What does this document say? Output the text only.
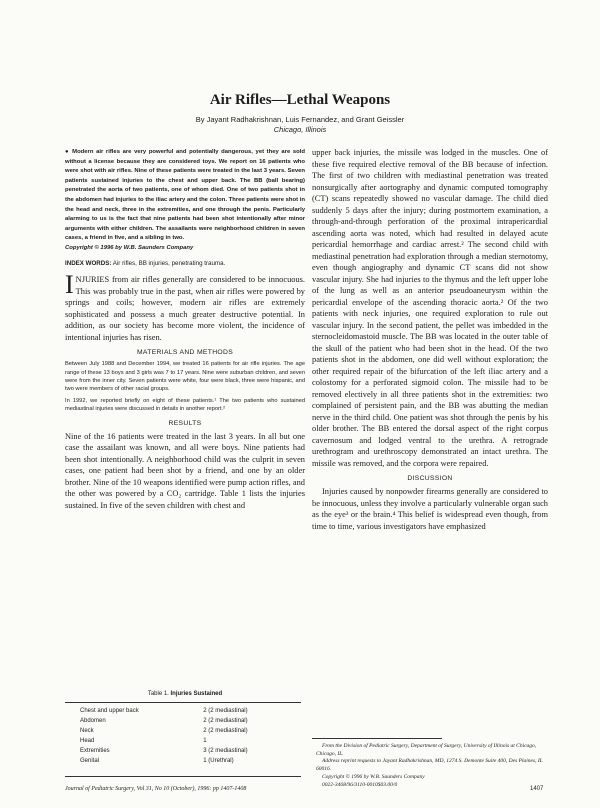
Air Rifles—Lethal Weapons
By Jayant Radhakrishnan, Luis Fernandez, and Grant Geissler
Chicago, Illinois

● Modern air rifles are very powerful and potentially dangerous, yet they are sold without a license because they are considered toys. We report on 16 patients who were shot with air rifles. Nine of these patients were treated in the last 3 years. Seven patients sustained injuries to the chest and upper back. The BB (ball bearing) penetrated the aorta of two patients, one of whom died. One of two patients shot in the abdomen had injuries to the iliac artery and the colon. Three patients were shot in the head and neck, three in the extremities, and one through the penis. Particularly alarming to us is the fact that nine patients had been shot intentionally after minor arguments with either children. The assailants were neighborhood children in seven cases, a friend in five, and a sibling in two.

Copyright © 1996 by W.B. Saunders Company

INDEX WORDS: Air rifles, BB injuries, penetrating trauma.

INJURIES from air rifles generally are considered to be innocuous. This was probably true in the past, when air rifles were powered by springs and coils; however, modern air rifles are extremely sophisticated and possess a much greater destructive potential. In addition, as our society has become more violent, the incidence of intentional injuries has risen.

MATERIALS AND METHODS

Between July 1988 and December 1994, we treated 16 patients for air rifle injuries. The age range of these 13 boys and 3 girls was 7 to 17 years. Nine were suburban children, and seven were from the inner city. Seven patients were white, four were black, three were hispanic, and two were members of other racial groups.

In 1992, we reported briefly on eight of these patients.¹ The two patients who sustained mediastinal injuries were discussed in details in another report.²

RESULTS

Nine of the 16 patients were treated in the last 3 years. In all but one case the assailant was known, and all were boys. Nine patients had been shot intentionally. A neighborhood child was the culprit in seven cases, one patient had been shot by a friend, and one by an older brother. Nine of the 10 weapons identified were pump action rifles, and the other was powered by a CO₂ cartridge. Table 1 lists the injuries sustained. In five of the seven children with chest and

Table 1. Injuries Sustained
Chest and upper back	2 (2 mediastinal)
Abdomen	2 (2 mediastinal)
Neck	2 (2 mediastinal)
Head	1
Extremities	3 (2 mediastinal)
Genital	1 (Urethral)

upper back injuries, the missile was lodged in the muscles. One of these five required elective removal of the BB because of infection. The first of two children with mediastinal penetration was treated nonsurgically after aortography and dynamic computed tomography (CT) scans repeatedly showed no vascular damage. The child died suddenly 5 days after the injury; during postmortem examination, a through-and-through perforation of the proximal intrapericardial ascending aorta was noted, which had resulted in delayed acute pericardial hemorrhage and cardiac arrest.² The second child with mediastinal penetration had exploration through a median sternotomy, even though angiography and dynamic CT scans did not show vascular injury. She had injuries to the thymus and the left upper lobe of the lung as well as an anterior pseudoaneurysm within the pericardial envelope of the ascending thoracic aorta.² Of the two patients with neck injuries, one required exploration to rule out vascular injury. In the second patient, the pellet was imbedded in the sternocleidomastoid muscle. The BB was located in the outer table of the skull of the patient who had been shot in the head. Of the two patients shot in the abdomen, one did well without exploration; the other required repair of the bifurcation of the left iliac artery and a colostomy for a perforated sigmoid colon. The missile had to be removed electively in all three patients shot in the extremities: two complained of persistent pain, and the BB was abutting the median nerve in the third child. One patient was shot through the penis by his older brother. The BB entered the dorsal aspect of the right corpus cavernosum and lodged ventral to the urethra. A retrograde urethrogram and urethroscopy demonstrated an intact urethra. The missile was removed, and the corpora were repaired.

DISCUSSION

Injuries caused by nonpowder firearms generally are considered to be innocuous, unless they involve a particularly vulnerable organ such as the eye³ or the brain.⁴ This belief is widespread even though, from time to time, various investigators have emphasized

From the Division of Pediatric Surgery, Department of Surgery, University of Illinois at Chicago, Chicago, IL.

Address reprint requests to Jayant Radhakrishnan, MD, 1274 S. Demonte Suite 400, Des Plaines, IL 60016.

Copyright © 1996 by W.B. Saunders Company

0022-3468/96/3110-0010$03.00/0

Journal of Pediatric Surgery, Vol 31, No 10 (October), 1996: pp 1407-1408	1407
